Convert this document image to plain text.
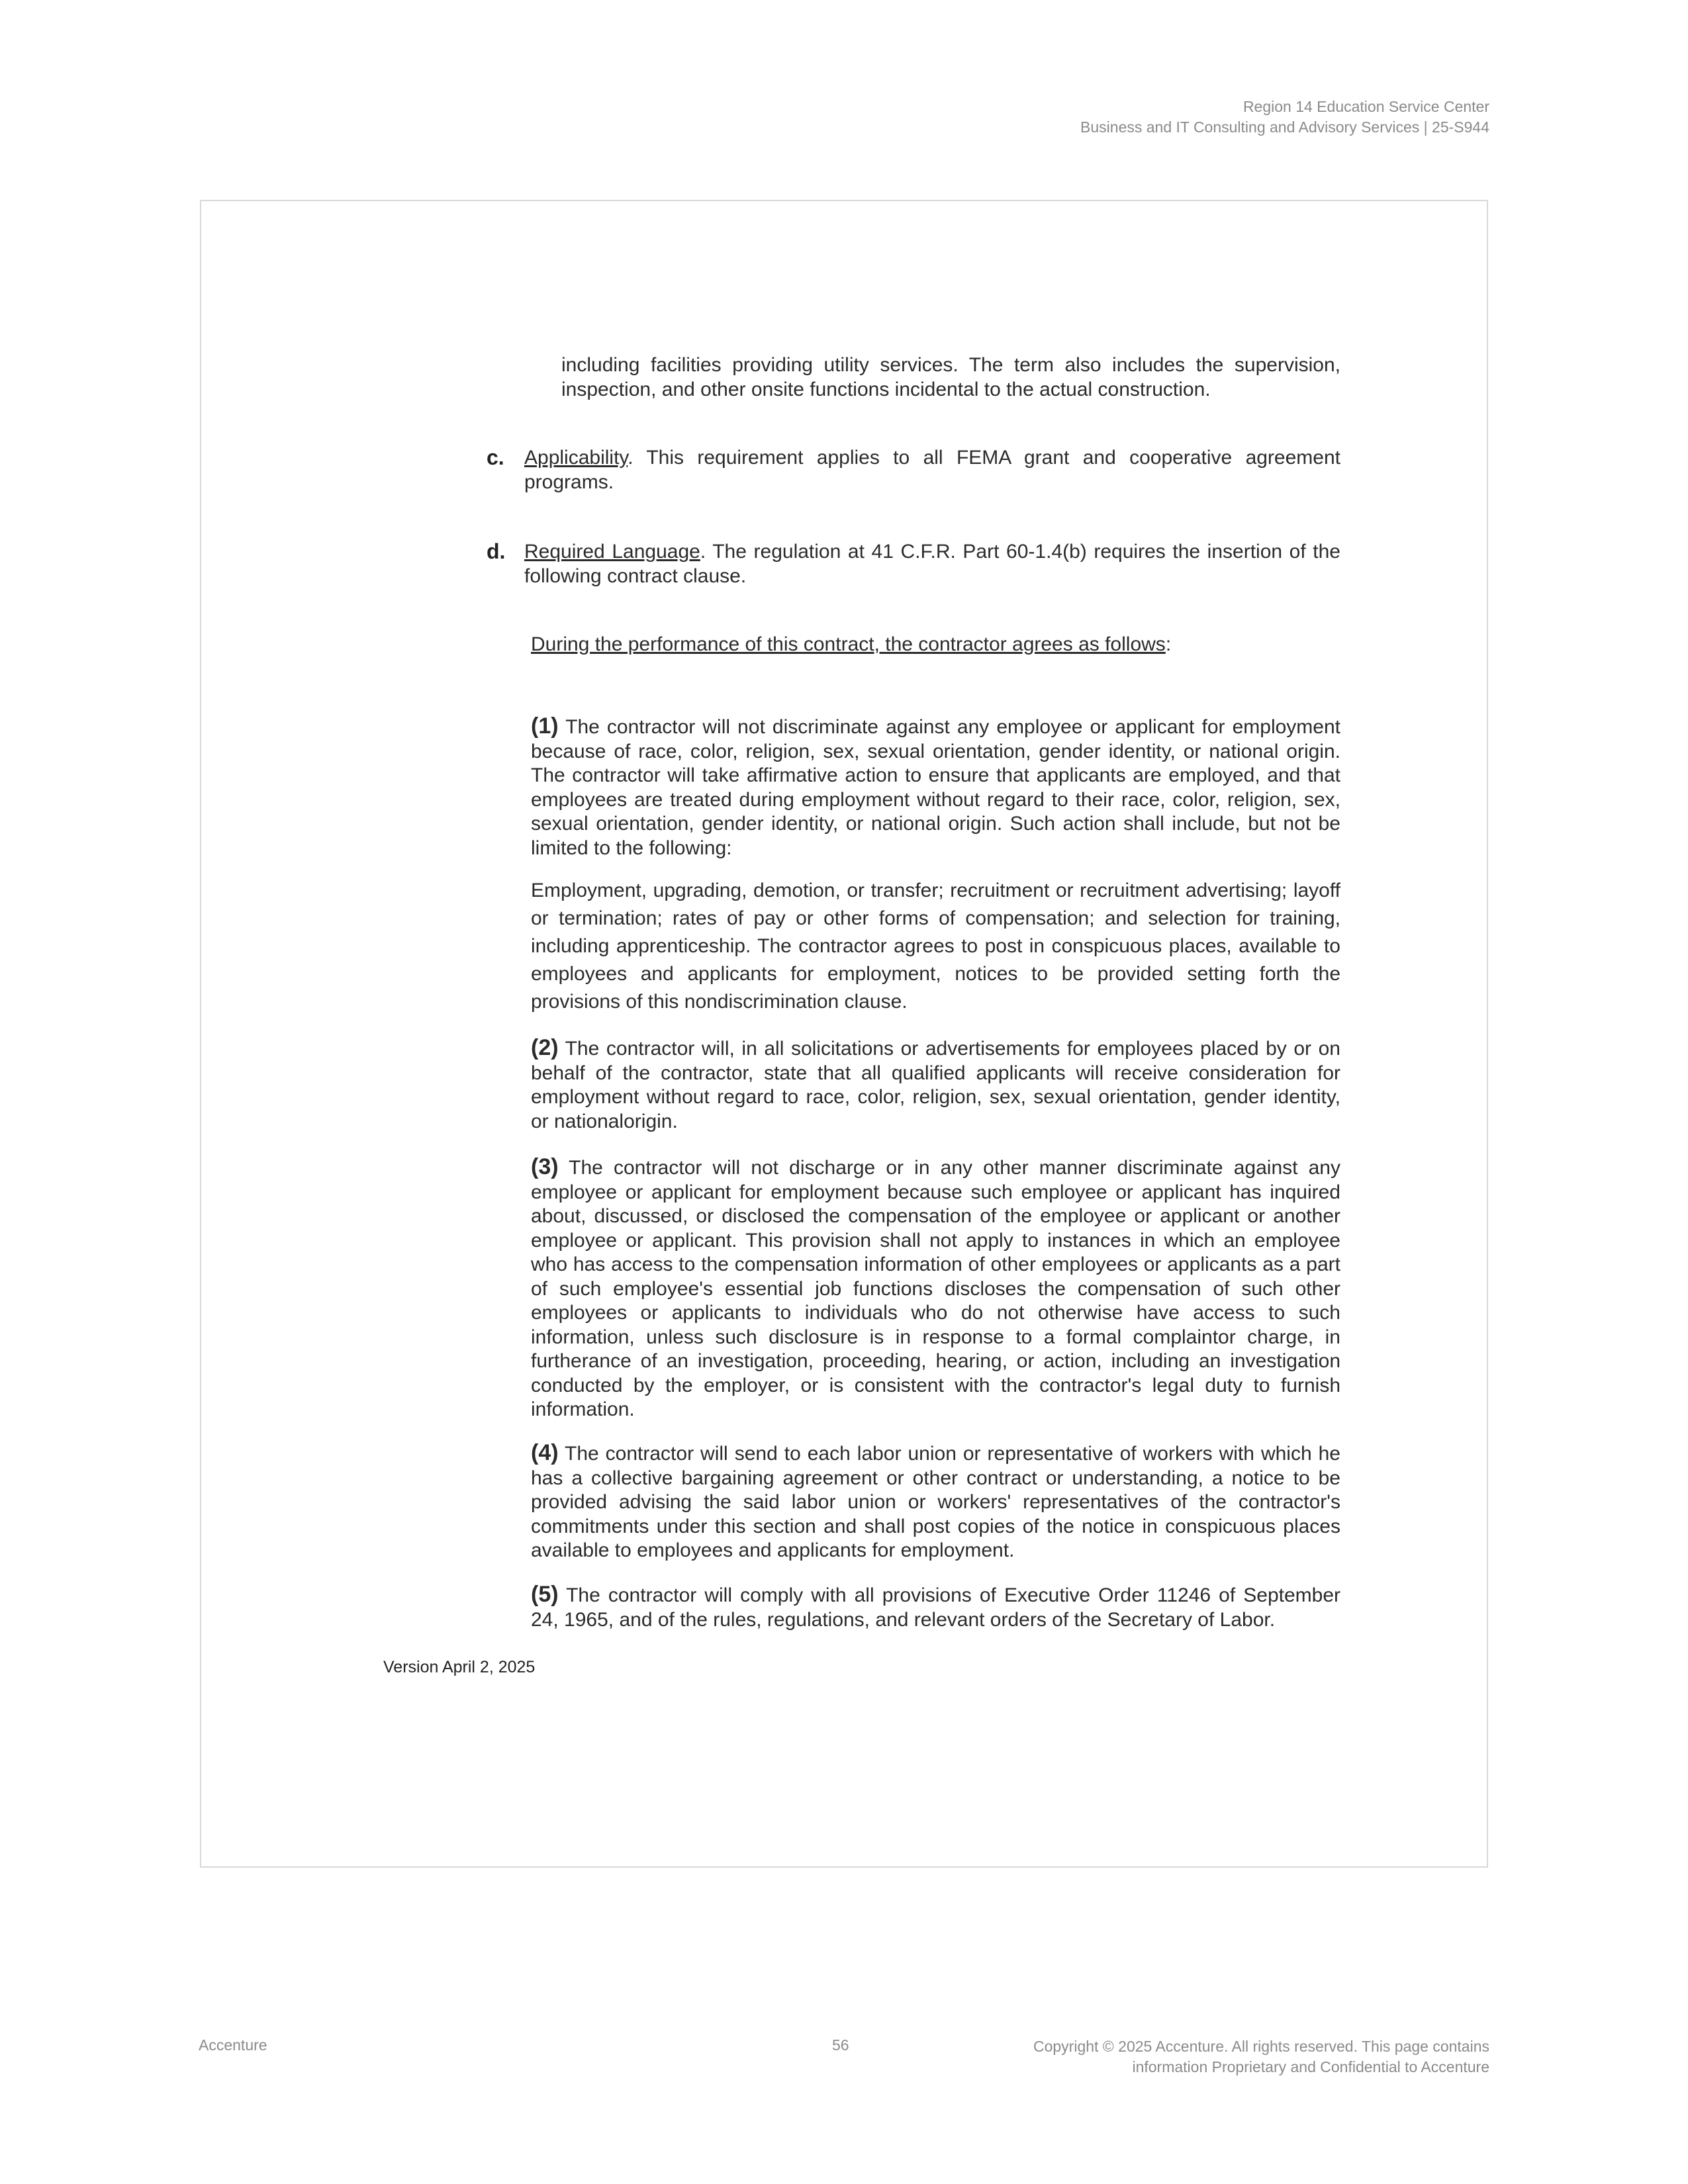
Region 14 Education Service Center
Business and IT Consulting and Advisory Services | 25-S944
including facilities providing utility services. The term also includes the supervision, inspection, and other onsite functions incidental to the actual construction.
c. Applicability. This requirement applies to all FEMA grant and cooperative agreement programs.
d. Required Language. The regulation at 41 C.F.R. Part 60-1.4(b) requires the insertion of the following contract clause.
During the performance of this contract, the contractor agrees as follows:
(1) The contractor will not discriminate against any employee or applicant for employment because of race, color, religion, sex, sexual orientation, gender identity, or national origin. The contractor will take affirmative action to ensure that applicants are employed, and that employees are treated during employment without regard to their race, color, religion, sex, sexual orientation, gender identity, or national origin. Such action shall include, but not be limited to the following:
Employment, upgrading, demotion, or transfer; recruitment or recruitment advertising; layoff or termination; rates of pay or other forms of compensation; and selection for training, including apprenticeship. The contractor agrees to post in conspicuous places, available to employees and applicants for employment, notices to be provided setting forth the provisions of this nondiscrimination clause.
(2) The contractor will, in all solicitations or advertisements for employees placed by or on behalf of the contractor, state that all qualified applicants will receive consideration for employment without regard to race, color, religion, sex, sexual orientation, gender identity, or nationalorigin.
(3) The contractor will not discharge or in any other manner discriminate against any employee or applicant for employment because such employee or applicant has inquired about, discussed, or disclosed the compensation of the employee or applicant or another employee or applicant. This provision shall not apply to instances in which an employee who has access to the compensation information of other employees or applicants as a part of such employee's essential job functions discloses the compensation of such other employees or applicants to individuals who do not otherwise have access to such information, unless such disclosure is in response to a formal complaintor charge, in furtherance of an investigation, proceeding, hearing, or action, including an investigation conducted by the employer, or is consistent with the contractor's legal duty to furnish information.
(4) The contractor will send to each labor union or representative of workers with which he has a collective bargaining agreement or other contract or understanding, a notice to be provided advising the said labor union or workers' representatives of the contractor's commitments under this section and shall post copies of the notice in conspicuous places available to employees and applicants for employment.
(5) The contractor will comply with all provisions of Executive Order 11246 of September 24, 1965, and of the rules, regulations, and relevant orders of the Secretary of Labor.
Version April 2, 2025
Accenture	56	Copyright © 2025 Accenture. All rights reserved. This page contains
information Proprietary and Confidential to Accenture
